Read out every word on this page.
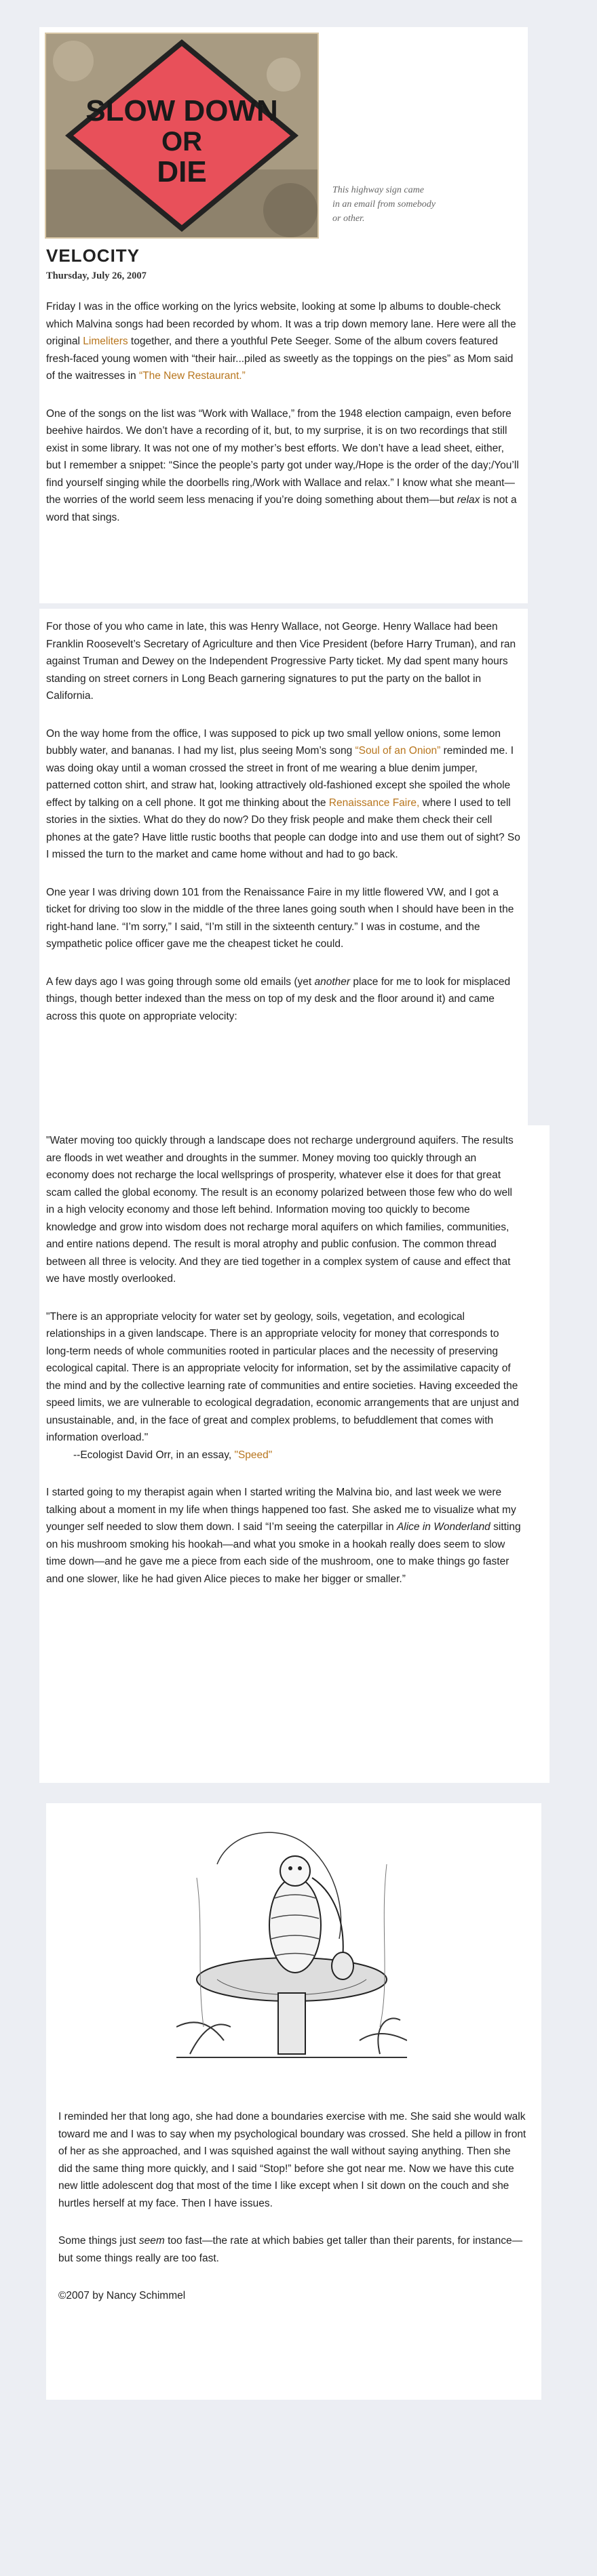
SLOW DOWN
OR
DIE
This highway sign came
in an email from somebody
or other.
VELOCITY
Thursday, July 26, 2007

Friday I was in the office working on the lyrics website, looking at some lp albums to double-check which Malvina songs had been recorded by whom. It was a trip down memory lane. Here were all the original Limeliters together, and there a youthful Pete Seeger. Some of the album covers featured fresh-faced young women with “their hair...piled as sweetly as the toppings on the pies” as Mom said of the waitresses in “The New Restaurant.”

One of the songs on the list was “Work with Wallace,” from the 1948 election campaign, even before beehive hairdos. We don’t have a recording of it, but, to my surprise, it is on two recordings that still exist in some library. It was not one of my mother’s best efforts. We don’t have a lead sheet, either, but I remember a snippet: “Since the people’s party got under way,/Hope is the order of the day;/You’ll find yourself singing while the doorbells ring,/Work with Wallace and relax.” I know what she meant—the worries of the world seem less menacing if you’re doing something about them—but relax is not a word that sings.

For those of you who came in late, this was Henry Wallace, not George. Henry Wallace had been Franklin Roosevelt’s Secretary of Agriculture and then Vice President (before Harry Truman), and ran against Truman and Dewey on the Independent Progressive Party ticket. My dad spent many hours standing on street corners in Long Beach garnering signatures to put the party on the ballot in California.

On the way home from the office, I was supposed to pick up two small yellow onions, some lemon bubbly water, and bananas. I had my list, plus seeing Mom’s song “Soul of an Onion” reminded me. I was doing okay until a woman crossed the street in front of me wearing a blue denim jumper, patterned cotton shirt, and straw hat, looking attractively old-fashioned except she spoiled the whole effect by talking on a cell phone. It got me thinking about the Renaissance Faire, where I used to tell stories in the sixties. What do they do now? Do they frisk people and make them check their cell phones at the gate? Have little rustic booths that people can dodge into and use them out of sight? So I missed the turn to the market and came home without and had to go back.

One year I was driving down 101 from the Renaissance Faire in my little flowered VW, and I got a ticket for driving too slow in the middle of the three lanes going south when I should have been in the right-hand lane. “I’m sorry,” I said, “I’m still in the sixteenth century.” I was in costume, and the sympathetic police officer gave me the cheapest ticket he could.

A few days ago I was going through some old emails (yet another place for me to look for misplaced things, though better indexed than the mess on top of my desk and the floor around it) and came across this quote on appropriate velocity:

"Water moving too quickly through a landscape does not recharge underground aquifers. The results are floods in wet weather and droughts in the summer. Money moving too quickly through an economy does not recharge the local wellsprings of prosperity, whatever else it does for that great scam called the global economy. The result is an economy polarized between those few who do well in a high velocity economy and those left behind. Information moving too quickly to become knowledge and grow into wisdom does not recharge moral aquifers on which families, communities, and entire nations depend. The result is moral atrophy and public confusion. The common thread between all three is velocity. And they are tied together in a complex system of cause and effect that we have mostly overlooked.

"There is an appropriate velocity for water set by geology, soils, vegetation, and ecological relationships in a given landscape. There is an appropriate velocity for money that corresponds to long-term needs of whole communities rooted in particular places and the necessity of preserving ecological capital. There is an appropriate velocity for information, set by the assimilative capacity of the mind and by the collective learning rate of communities and entire societies. Having exceeded the speed limits, we are vulnerable to ecological degradation, economic arrangements that are unjust and unsustainable, and, in the face of great and complex problems, to befuddlement that comes with information overload."

--Ecologist David Orr, in an essay, "Speed"

I started going to my therapist again when I started writing the Malvina bio, and last week we were talking about a moment in my life when things happened too fast. She asked me to visualize what my younger self needed to slow them down. I said “I’m seeing the caterpillar in Alice in Wonderland sitting on his mushroom smoking his hookah—and what you smoke in a hookah really does seem to slow time down—and he gave me a piece from each side of the mushroom, one to make things go faster and one slower, like he had given Alice pieces to make her bigger or smaller.”

I reminded her that long ago, she had done a boundaries exercise with me. She said she would walk toward me and I was to say when my psychological boundary was crossed. She held a pillow in front of her as she approached, and I was squished against the wall without saying anything. Then she did the same thing more quickly, and I said “Stop!” before she got near me. Now we have this cute new little adolescent dog that most of the time I like except when I sit down on the couch and she hurtles herself at my face. Then I have issues.

Some things just seem too fast—the rate at which babies get taller than their parents, for instance—but some things really are too fast.

©2007 by Nancy Schimmel
